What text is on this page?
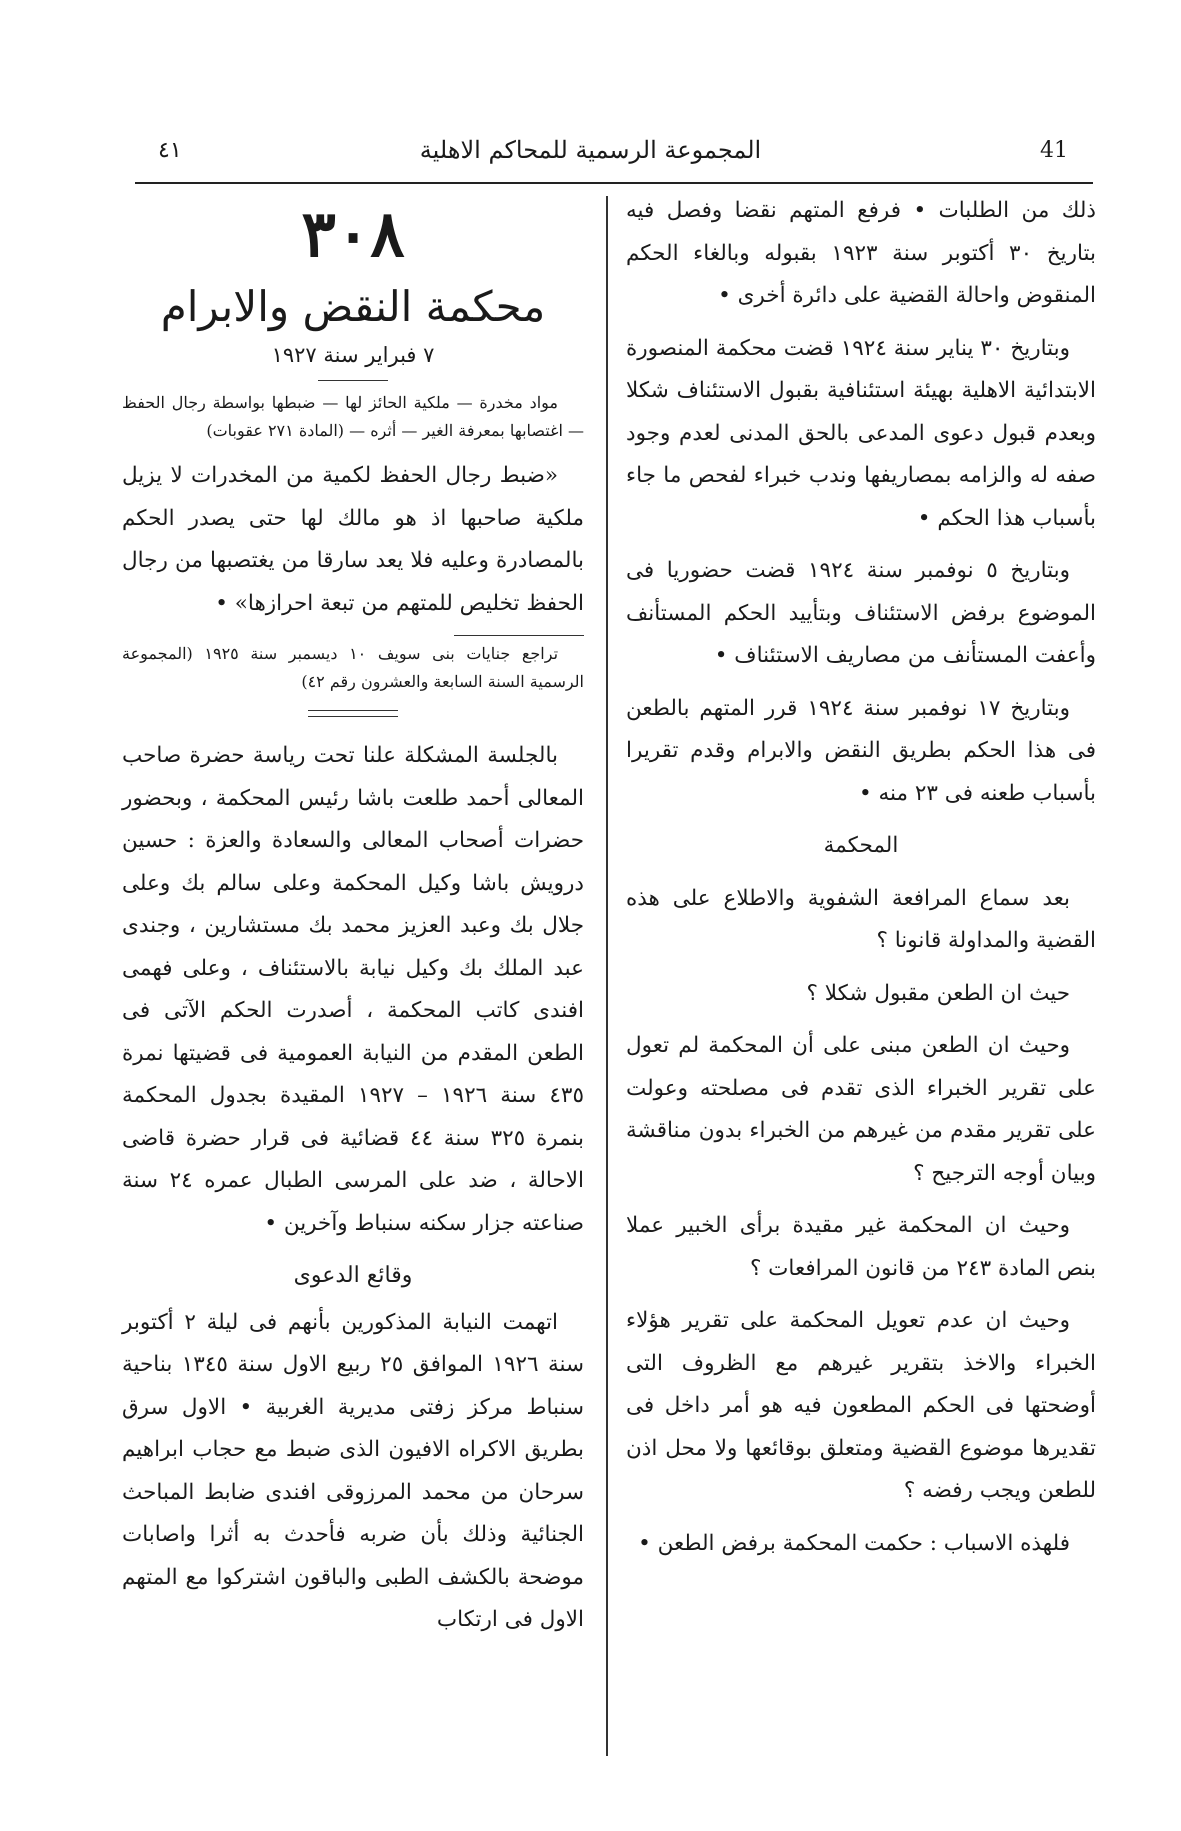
٤١	المجموعة الرسمية للمحاكم الاهلية	41

ذلك من الطلبات • فرفع المتهم نقضا وفصل فيه بتاريخ ٣٠ أكتوبر سنة ١٩٢٣ بقبوله وبالغاء الحكم المنقوض واحالة القضية على دائرة أخرى •

وبتاريخ ٣٠ يناير سنة ١٩٢٤ قضت محكمة المنصورة الابتدائية الاهلية بهيئة استئنافية بقبول الاستئناف شكلا وبعدم قبول دعوى المدعى بالحق المدنى لعدم وجود صفه له والزامه بمصاريفها وندب خبراء لفحص ما جاء بأسباب هذا الحكم •

وبتاريخ ٥ نوفمبر سنة ١٩٢٤ قضت حضوريا فى الموضوع برفض الاستئناف وبتأييد الحكم المستأنف وأعفت المستأنف من مصاريف الاستئناف •

وبتاريخ ١٧ نوفمبر سنة ١٩٢٤ قرر المتهم بالطعن فى هذا الحكم بطريق النقض والابرام وقدم تقريرا بأسباب طعنه فى ٢٣ منه •

المحكمة

بعد سماع المرافعة الشفوية والاطلاع على هذه القضية والمداولة قانونا ؟

حيث ان الطعن مقبول شكلا ؟

وحيث ان الطعن مبنى على أن المحكمة لم تعول على تقرير الخبراء الذى تقدم فى مصلحته وعولت على تقرير مقدم من غيرهم من الخبراء بدون مناقشة وبيان أوجه الترجيح ؟

وحيث ان المحكمة غير مقيدة برأى الخبير عملا بنص المادة ٢٤٣ من قانون المرافعات ؟

وحيث ان عدم تعويل المحكمة على تقرير هؤلاء الخبراء والاخذ بتقرير غيرهم مع الظروف التى أوضحتها فى الحكم المطعون فيه هو أمر داخل فى تقديرها موضوع القضية ومتعلق بوقائعها ولا محل اذن للطعن ويجب رفضه ؟

فلهذه الاسباب : حكمت المحكمة برفض الطعن •

٣٠٨
محكمة النقض والابرام
٧ فبراير سنة ١٩٢٧

مواد مخدرة — ملكية الحائز لها — ضبطها بواسطة رجال الحفظ — اغتصابها بمعرفة الغير — أثره — (المادة ٢٧١ عقوبات)

«ضبط رجال الحفظ لكمية من المخدرات لا يزيل ملكية صاحبها اذ هو مالك لها حتى يصدر الحكم بالمصادرة وعليه فلا يعد سارقا من يغتصبها من رجال الحفظ تخليص للمتهم من تبعة احرازها» •

تراجع جنايات بنى سويف ١٠ ديسمبر سنة ١٩٢٥ (المجموعة الرسمية السنة السابعة والعشرون رقم ٤٢)

بالجلسة المشكلة علنا تحت رياسة حضرة صاحب المعالى أحمد طلعت باشا رئيس المحكمة ، وبحضور حضرات أصحاب المعالى والسعادة والعزة : حسين درويش باشا وكيل المحكمة وعلى سالم بك وعلى جلال بك وعبد العزيز محمد بك مستشارين ، وجندى عبد الملك بك وكيل نيابة بالاستئناف ، وعلى فهمى افندى كاتب المحكمة ، أصدرت الحكم الآتى فى الطعن المقدم من النيابة العمومية فى قضيتها نمرة ٤٣٥ سنة ١٩٢٦ – ١٩٢٧ المقيدة بجدول المحكمة بنمرة ٣٢٥ سنة ٤٤ قضائية فى قرار حضرة قاضى الاحالة ، ضد على المرسى الطبال عمره ٢٤ سنة صناعته جزار سكنه سنباط وآخرين •

وقائع الدعوى

اتهمت النيابة المذكورين بأنهم فى ليلة ٢ أكتوبر سنة ١٩٢٦ الموافق ٢٥ ربيع الاول سنة ١٣٤٥ بناحية سنباط مركز زفتى مديرية الغربية • الاول سرق بطريق الاكراه الافيون الذى ضبط مع حجاب ابراهيم سرحان من محمد المرزوقى افندى ضابط المباحث الجنائية وذلك بأن ضربه فأحدث به أثرا واصابات موضحة بالكشف الطبى والباقون اشتركوا مع المتهم الاول فى ارتكاب
